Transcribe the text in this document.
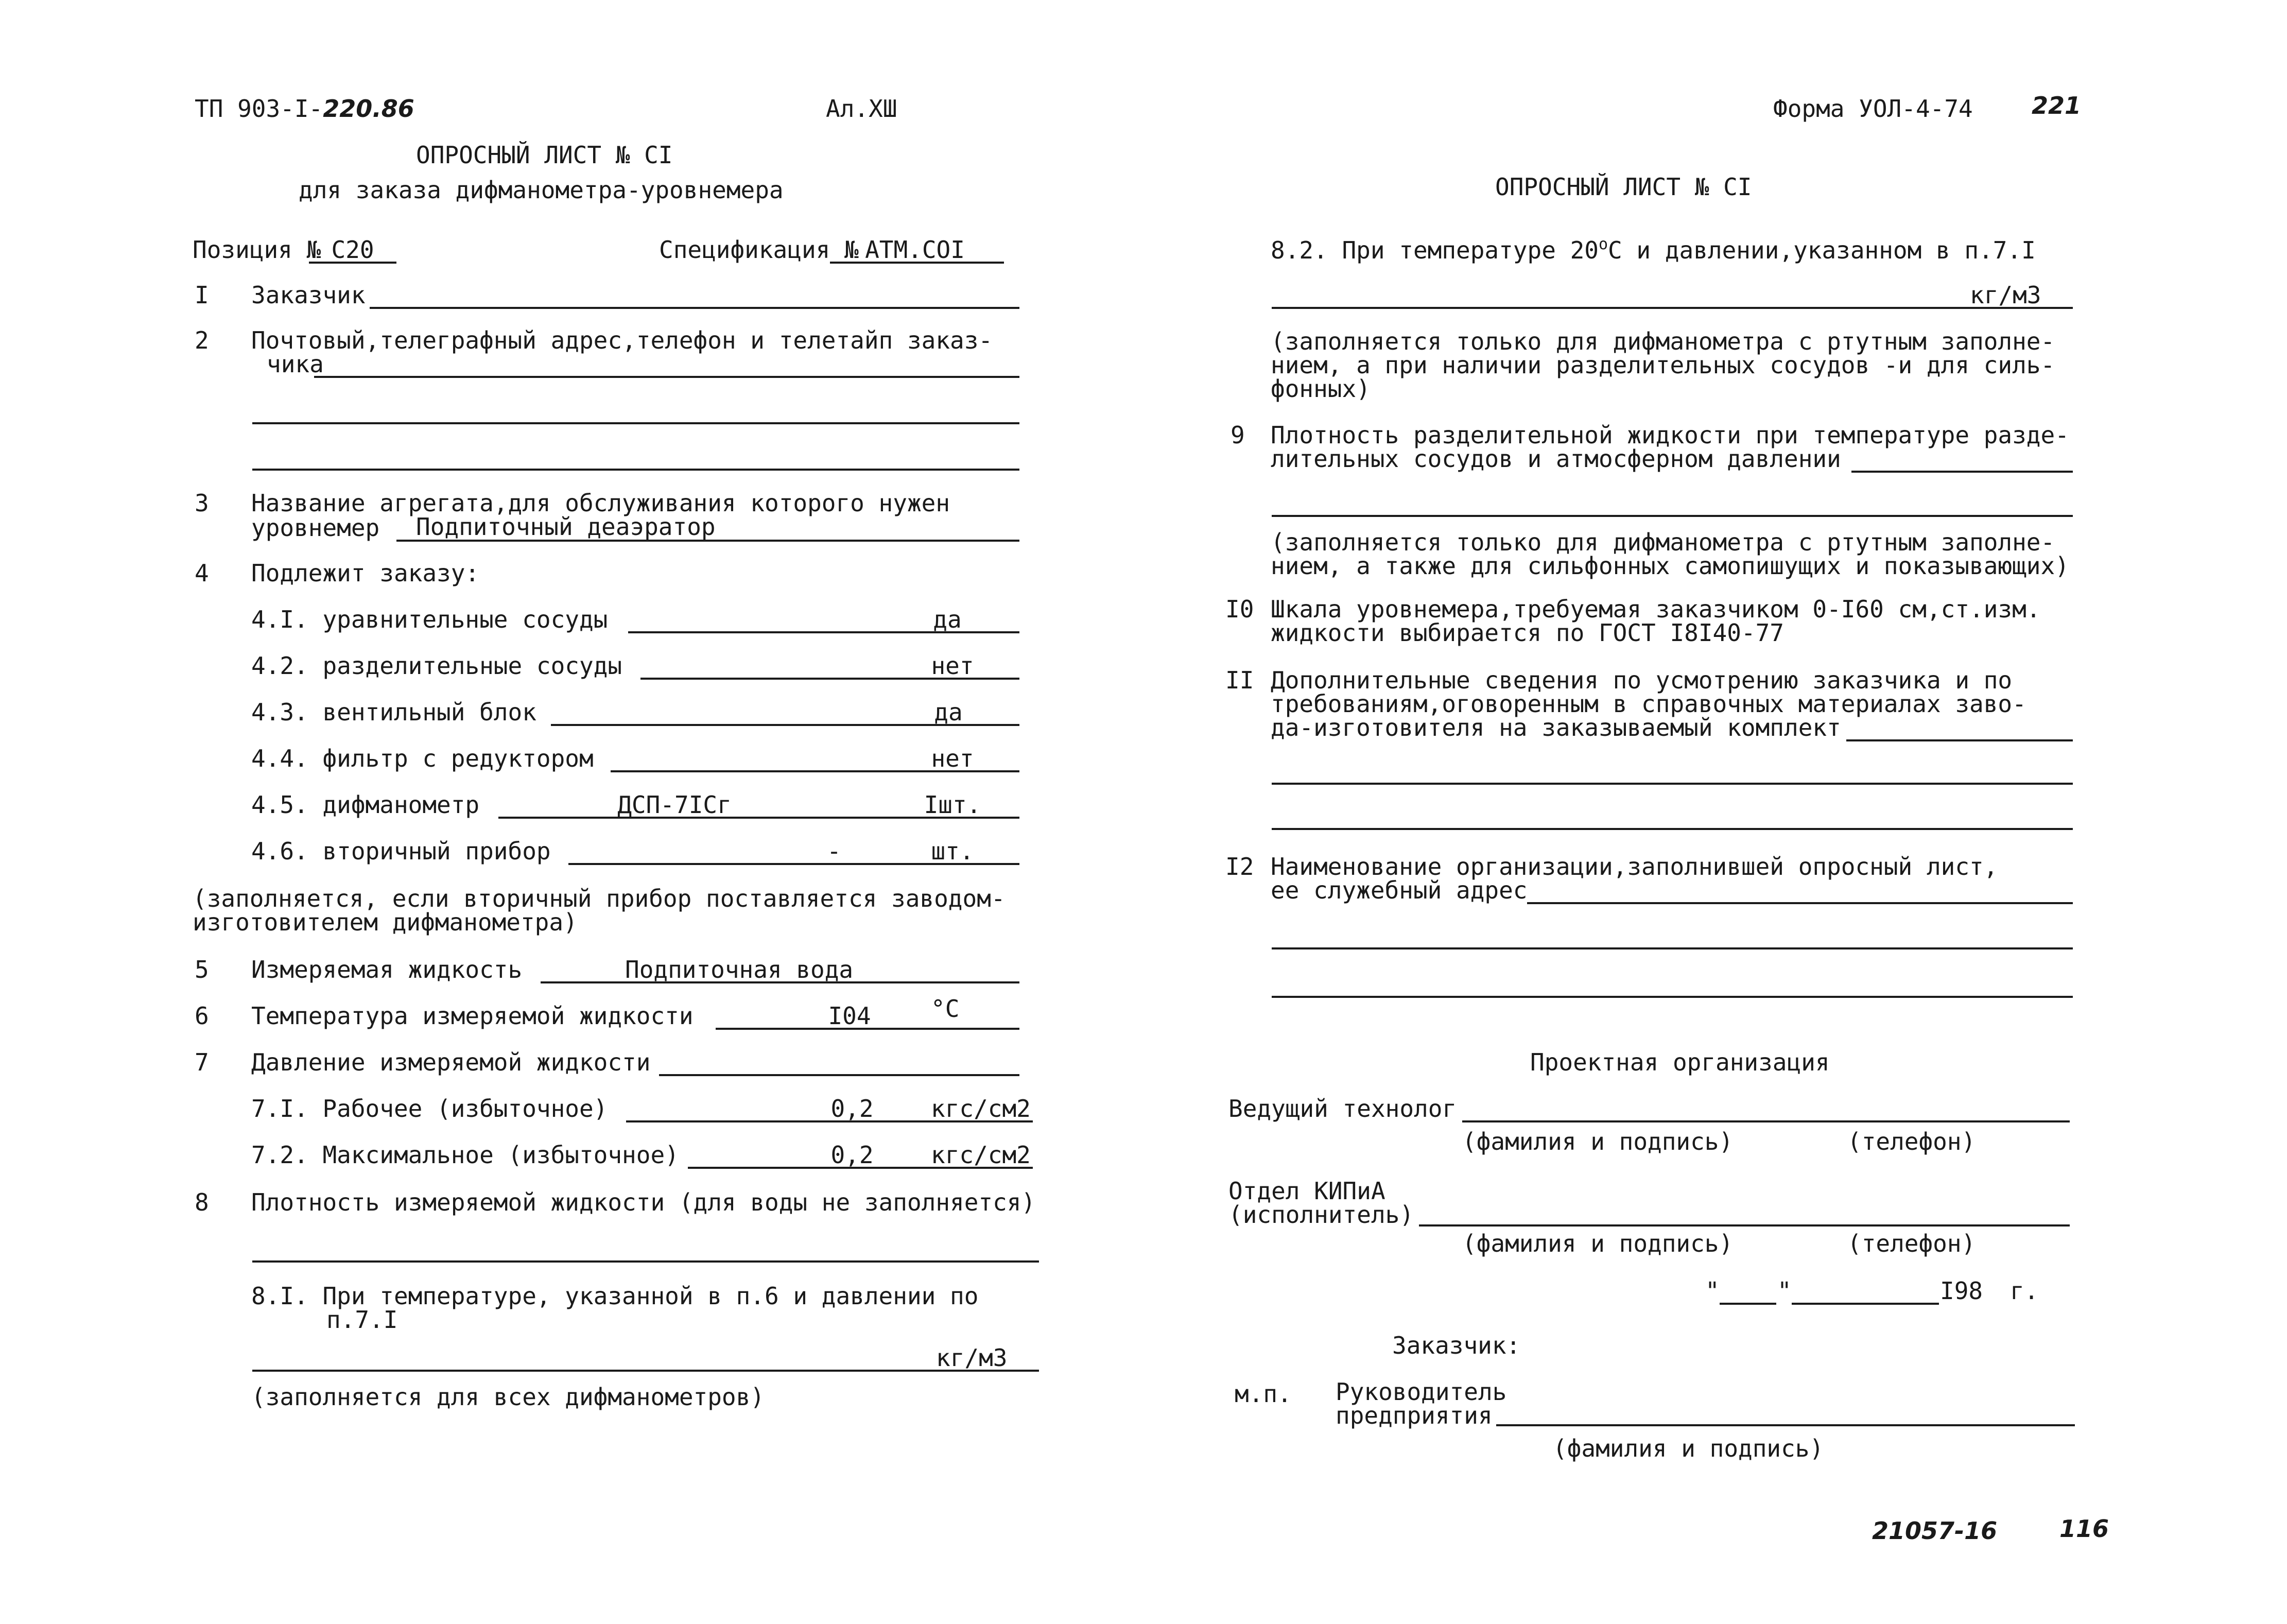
ТП 903-I-220.86	Ал.XШ
ОПРОСНЫЙ ЛИСТ № СI
для заказа дифманометра-уровнемера
Позиция № С20	Спецификация № АТМ.СОI
I Заказчик
2 Почтовый,телеграфный адрес,телефон и телетайп заказ-
чика
3 Название агрегата,для обслуживания которого нужен
уровнемер Подпиточный деаэратор
4 Подлежит заказу:
4.I. уравнительные сосуды	да
4.2. разделительные сосуды	нет
4.3. вентильный блок	да
4.4. фильтр с редуктором	нет
4.5. дифманометр	ДСП-7IСг	Iшт.
4.6. вторичный прибор	-	шт.
(заполняется, если вторичный прибор поставляется заводом-
изготовителем дифманометра)
5 Измеряемая жидкость	Подпиточная вода
6 Температура измеряемой жидкости	I04	°С
7 Давление измеряемой жидкости
7.I. Рабочее (избыточное)	0,2	кгс/см2
7.2. Максимальное (избыточное)	0,2	кгс/см2
8 Плотность измеряемой жидкости (для воды не заполняется)
8.I. При температуре, указанной в п.6 и давлении по
п.7.I
кг/м3
(заполняется для всех дифманометров)
Форма УОЛ-4-74 221
ОПРОСНЫЙ ЛИСТ № СI
8.2. При температуре $20^оС$ и давлении,указанном в п.7.I
кг/м3
(заполняется только для дифманометра с ртутным заполне-
нием, а при наличии разделительных сосудов -и для силь-
фонных)
9 Плотность разделительной жидкости при температуре разде-
лительных сосудов и атмосферном давлении
(заполняется только для дифманометра с ртутным заполне-
нием, а также для сильфонных самопишущих и показывающих)
I0 Шкала уровнемера,требуемая заказчиком 0-I60 см,ст.изм.
жидкости выбирается по ГОСТ I8I40-77
II Дополнительные сведения по усмотрению заказчика и по
требованиям,оговоренным в справочных материалах заво-
да-изготовителя на заказываемый комплект
I2 Наименование организации,заполнившей опросный лист,
ее служебный адрес
Проектная организация
Ведущий технолог
(фамилия и подпись)	(телефон)
Отдел КИПиА
(исполнитель)
(фамилия и подпись)	(телефон)
" "	I98 г.
Заказчик:
м.п. Руководитель
предприятия
(фамилия и подпись)
21057-16	116
